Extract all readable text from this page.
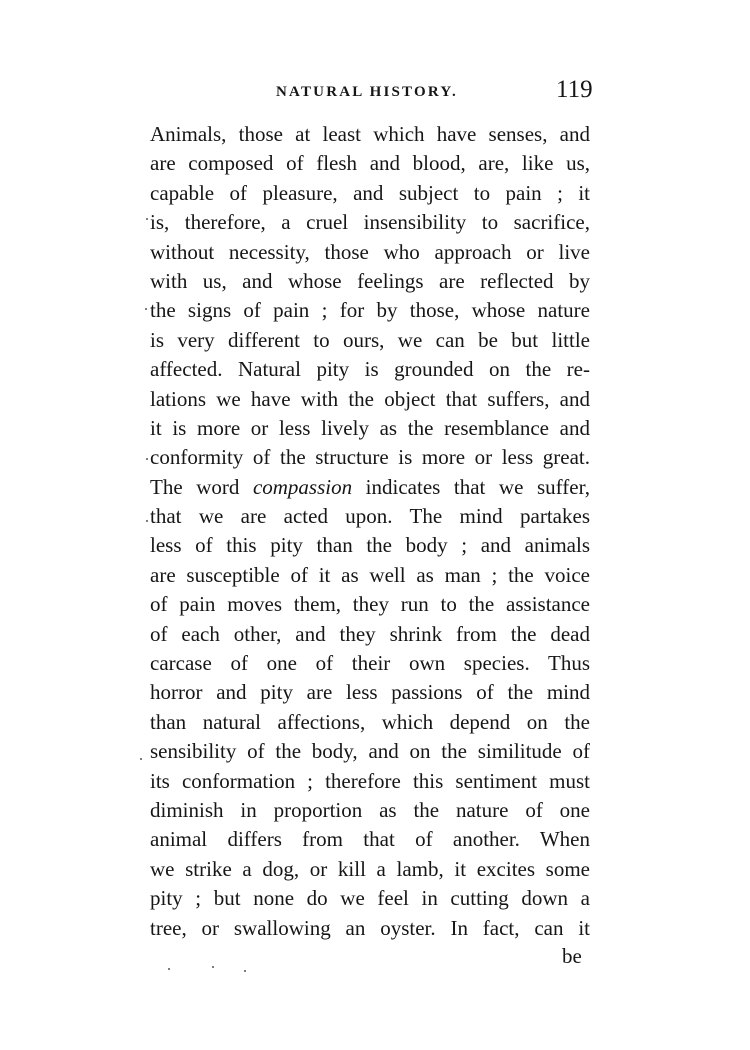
NATURAL HISTORY.	119
Animals, those at least which have senses, and
are composed of flesh and blood, are, like us,
capable of pleasure, and subject to pain ; it
is, therefore, a cruel insensibility to sacrifice,
without necessity, those who approach or live
with us, and whose feelings are reflected by
the signs of pain ; for by those, whose nature
is very different to ours, we can be but little
affected. Natural pity is grounded on the re-
lations we have with the object that suffers, and
it is more or less lively as the resemblance and
conformity of the structure is more or less great.
The word compassion indicates that we suffer,
that we are acted upon. The mind partakes
less of this pity than the body ; and animals
are susceptible of it as well as man ; the voice
of pain moves them, they run to the assistance
of each other, and they shrink from the dead
carcase of one of their own species. Thus
horror and pity are less passions of the mind
than natural affections, which depend on the
sensibility of the body, and on the similitude of
its conformation ; therefore this sentiment must
diminish in proportion as the nature of one
animal differs from that of another. When
we strike a dog, or kill a lamb, it excites some
pity ; but none do we feel in cutting down a
tree, or swallowing an oyster. In fact, can it
be
